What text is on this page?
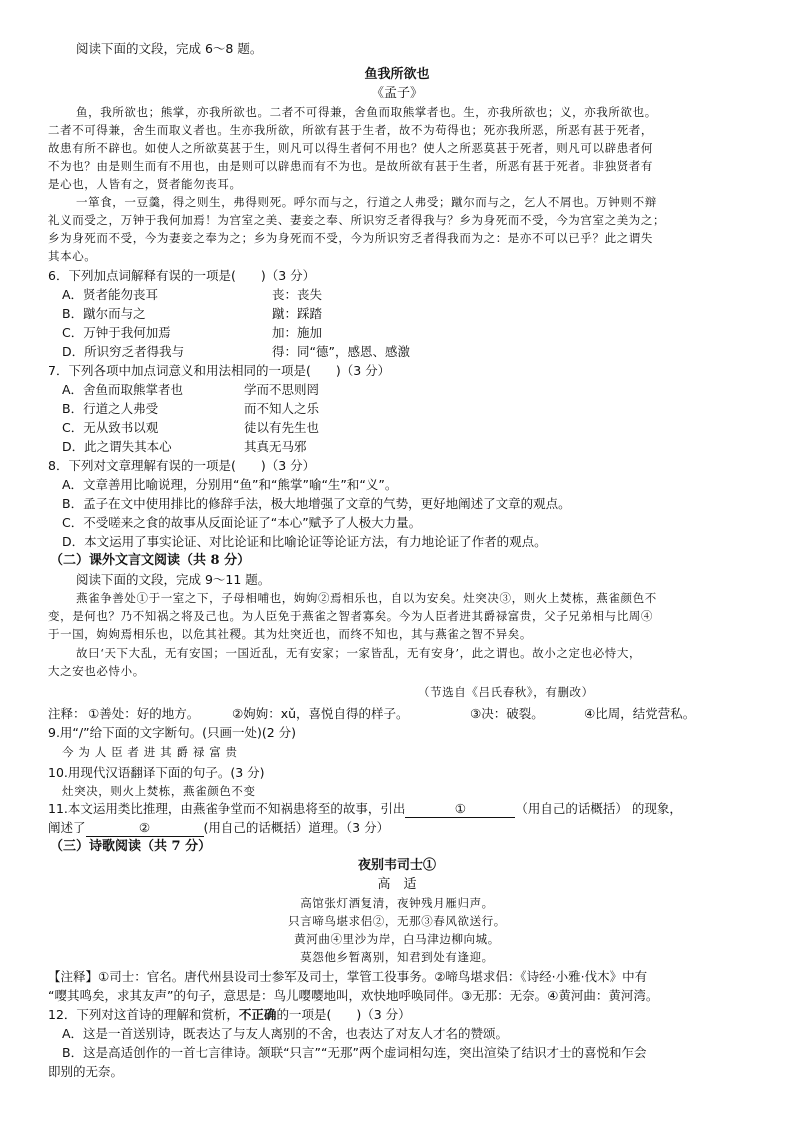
阅读下面的文段，完成 6～8 题。
鱼我所欲也
《孟子》
鱼，我所欲也；熊掌，亦我所欲也。二者不可得兼，舍鱼而取熊掌者也。生，亦我所欲也；义，亦我所欲也。
二者不可得兼，舍生而取义者也。生亦我所欲，所欲有甚于生者，故不为苟得也；死亦我所恶，所恶有甚于死者，
故患有所不辟也。如使人之所欲莫甚于生，则凡可以得生者何不用也？使人之所恶莫甚于死者，则凡可以辟患者何
不为也？由是则生而有不用也，由是则可以辟患而有不为也。是故所欲有甚于生者，所恶有甚于死者。非独贤者有
是心也，人皆有之，贤者能勿丧耳。
一箪食，一豆羹，得之则生，弗得则死。呼尔而与之，行道之人弗受；蹴尔而与之，乞人不屑也。万钟则不辩
礼义而受之，万钟于我何加焉！为宫室之美、妻妾之奉、所识穷乏者得我与？乡为身死而不受，今为宫室之美为之；
乡为身死而不受，今为妻妾之奉为之；乡为身死而不受，今为所识穷乏者得我而为之：是亦不可以已乎？此之谓失
其本心。
6．下列加点词解释有误的一项是(　　)（3 分）
A．贤者能勿丧耳	丧：丧失
B．蹴尔而与之	蹴：踩踏
C．万钟于我何加焉	加：施加
D．所识穷乏者得我与	得：同“德”，感恩、感激
7．下列各项中加点词意义和用法相同的一项是(　　)（3 分）
A．舍鱼而取熊掌者也	学而不思则罔
B．行道之人弗受	而不知人之乐
C．无从致书以观	徒以有先生也
D．此之谓失其本心	其真无马邪
8．下列对文章理解有误的一项是(　　)（3 分）
A．文章善用比喻说理，分别用“鱼”和“熊掌”喻“生”和“义”。
B．孟子在文中使用排比的修辞手法，极大地增强了文章的气势，更好地阐述了文章的观点。
C．不受嗟来之食的故事从反面论证了“本心”赋予了人极大力量。
D．本文运用了事实论证、对比论证和比喻论证等论证方法，有力地论证了作者的观点。
（二）课外文言文阅读（共 8 分）
阅读下面的文段，完成 9～11 题。
燕雀争善处①于一室之下，子母相哺也，姁姁②焉相乐也，自以为安矣。灶突决③，则火上焚栋，燕雀颜色不
变，是何也？乃不知祸之将及己也。为人臣免于燕雀之智者寡矣。今为人臣者进其爵禄富贵，父子兄弟相与比周④
于一国，姁姁焉相乐也，以危其社稷。其为灶突近也，而终不知也，其与燕雀之智不异矣。
故曰‘天下大乱，无有安国；一国近乱，无有安家；一家皆乱，无有安身’，此之谓也。故小之定也必恃大，
大之安也必恃小。
（节选自《吕氏春秋》，有删改）
注释： ①善处：好的地方。	②姁姁：xǔ，喜悦自得的样子。	③决：破裂。	④比周，结党营私。
9.用“/”给下面的文字断句。(只画一处)(2 分)
今 为 人 臣 者 进 其 爵 禄 富 贵
10.用现代汉语翻译下面的句子。(3 分)
灶突决，则火上焚栋，燕雀颜色不变
11.本文运用类比推理，由燕雀争堂而不知祸患将至的故事，引出	①	（用自己的话概括） 的现象，
阐述了	②	(用自己的话概括）道理。（3 分）
（三）诗歌阅读（共 7 分）
夜别韦司士①
高　适
高馆张灯酒复清，夜钟残月雁归声。
只言啼鸟堪求侣②，无那③春风欲送行。
黄河曲④里沙为岸，白马津边柳向城。
莫怨他乡暂离别，知君到处有逢迎。
【注释】①司士：官名。唐代州县设司士参军及司士，掌管工役事务。②啼鸟堪求侣：《诗经·小雅·伐木》中有
“嘤其鸣矣，求其友声”的句子，意思是：鸟儿嘤嘤地叫，欢快地呼唤同伴。③无那：无奈。④黄河曲：黄河湾。
12．下列对这首诗的理解和赏析，不正确的一项是(　　)（3 分）
A．这是一首送别诗，既表达了与友人离别的不舍，也表达了对友人才名的赞颂。
B．这是高适创作的一首七言律诗。颔联“只言”“无那”两个虚词相勾连，突出渲染了结识才士的喜悦和乍会
即别的无奈。
